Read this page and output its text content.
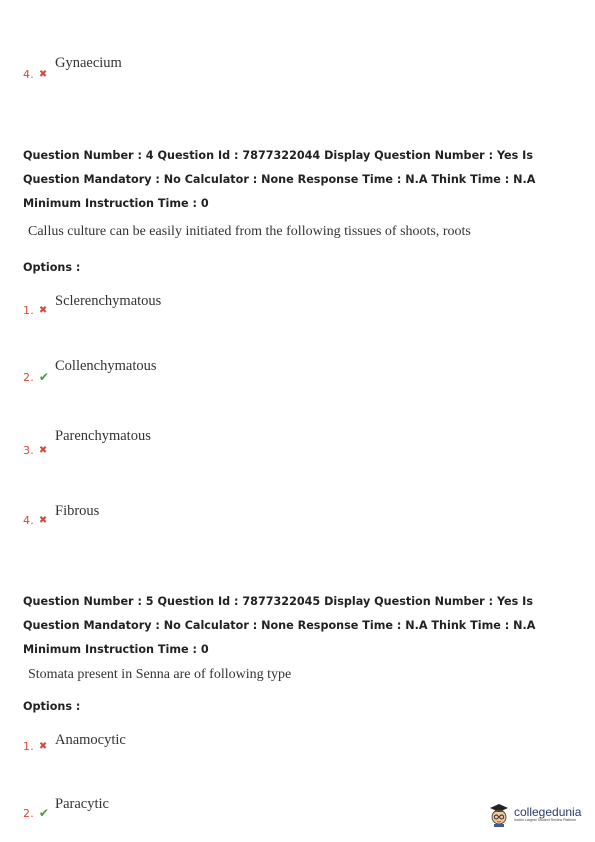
Gynaecium
4. ✖
Question Number : 4 Question Id : 7877322044 Display Question Number : Yes Is Question Mandatory : No Calculator : None Response Time : N.A Think Time : N.A Minimum Instruction Time : 0
Callus culture can be easily initiated from the following tissues of shoots, roots
Options :
Sclerenchymatous
1. ✖
Collenchymatous
2. ✔
Parenchymatous
3. ✖
Fibrous
4. ✖
Question Number : 5 Question Id : 7877322045 Display Question Number : Yes Is Question Mandatory : No Calculator : None Response Time : N.A Think Time : N.A Minimum Instruction Time : 0
Stomata present in Senna are of following type
Options :
Anamocytic
1. ✖
Paracytic
2. ✔	collegedunia
India's Largest Student Review Platform
